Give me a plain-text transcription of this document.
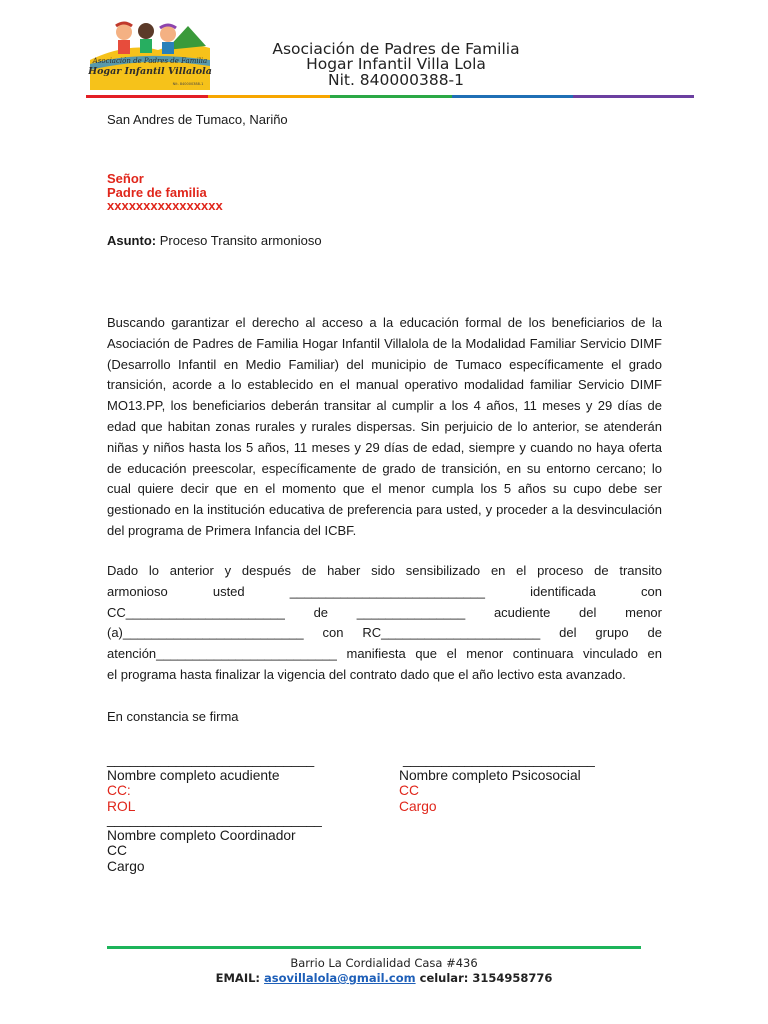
Asociación de Padres de Familia
Hogar Infantil Villalola
Nit. 840000388-1
Asociación de Padres de Familia
Hogar Infantil Villa Lola
Nit. 840000388-1
San Andres de Tumaco, Nariño
Señor
Padre de familia
xxxxxxxxxxxxxxxx
Asunto: Proceso Transito armonioso
Buscando garantizar el derecho al acceso a la educación formal de los beneficiarios de la Asociación de Padres de Familia Hogar Infantil Villalola de la Modalidad Familiar Servicio DIMF (Desarrollo Infantil en Medio Familiar) del municipio de Tumaco específicamente el grado transición, acorde a lo establecido en el manual operativo modalidad familiar Servicio DIMF MO13.PP, los beneficiarios deberán transitar al cumplir a los 4 años, 11 meses y 29 días de edad que habitan zonas rurales y rurales dispersas. Sin perjuicio de lo anterior, se atenderán niñas y niños hasta los 5 años, 11 meses y 29 días de edad, siempre y cuando no haya oferta de educación preescolar, específicamente de grado de transición, en su entorno cercano; lo cual quiere decir que en el momento que el menor cumpla los 5 años su cupo debe ser gestionado en la institución educativa de preferencia para usted, y proceder a la desvinculación del programa de Primera Infancia del ICBF.
Dado lo anterior y después de haber sido sensibilizado en el proceso de transito
armonioso usted ___________________________ identificada con
CC______________________ de _______________ acudiente del menor
(a)_________________________ con RC______________________ del grupo de
atención_________________________ manifiesta que el menor continuara vinculado en
el programa hasta finalizar la vigencia del contrato dado que el año lectivo esta avanzado.
En constancia se firma
___________________________
Nombre completo acudiente
CC:
ROL
_________________________
Nombre completo Psicosocial
CC
Cargo
____________________________
Nombre completo Coordinador
CC
Cargo
Barrio La Cordialidad Casa #436
EMAIL: asovillalola@gmail.com celular: 3154958776
